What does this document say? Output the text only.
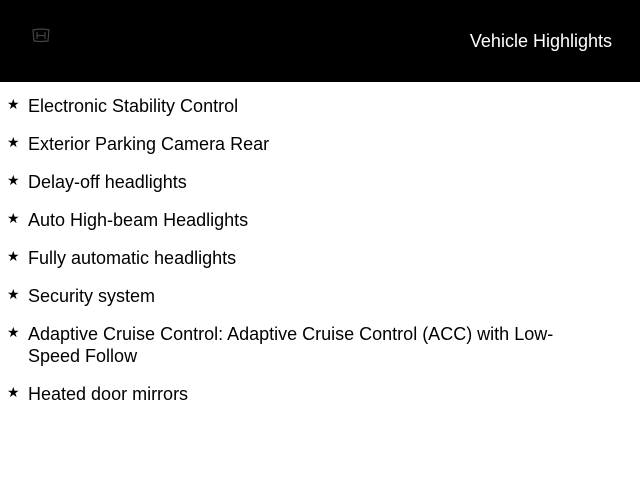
Vehicle Highlights
★ Electronic Stability Control
★ Exterior Parking Camera Rear
★ Delay-off headlights
★ Auto High-beam Headlights
★ Fully automatic headlights
★ Security system
★ Adaptive Cruise Control: Adaptive Cruise Control (ACC) with Low-Speed Follow
★ Heated door mirrors
